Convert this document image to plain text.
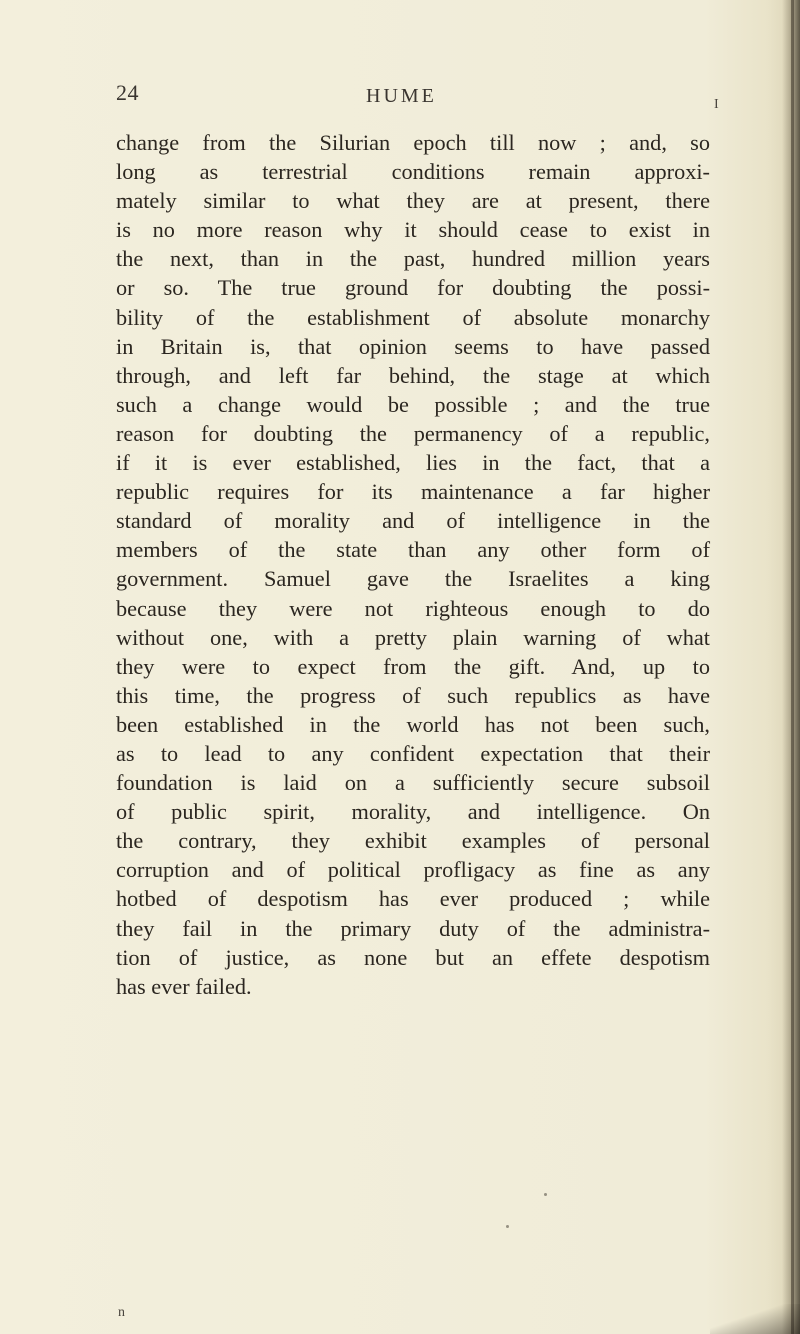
24	HUME	I
change from the Silurian epoch till now ; and, so
long as terrestrial conditions remain approxi-
mately similar to what they are at present, there
is no more reason why it should cease to exist in
the next, than in the past, hundred million years
or so. The true ground for doubting the possi-
bility of the establishment of absolute monarchy
in Britain is, that opinion seems to have passed
through, and left far behind, the stage at which
such a change would be possible ; and the true
reason for doubting the permanency of a republic,
if it is ever established, lies in the fact, that a
republic requires for its maintenance a far higher
standard of morality and of intelligence in the
members of the state than any other form of
government. Samuel gave the Israelites a king
because they were not righteous enough to do
without one, with a pretty plain warning of what
they were to expect from the gift. And, up to
this time, the progress of such republics as have
been established in the world has not been such,
as to lead to any confident expectation that their
foundation is laid on a sufficiently secure subsoil
of public spirit, morality, and intelligence. On
the contrary, they exhibit examples of personal
corruption and of political profligacy as fine as any
hotbed of despotism has ever produced ; while
they fail in the primary duty of the administra-
tion of justice, as none but an effete despotism
has ever failed.
n
